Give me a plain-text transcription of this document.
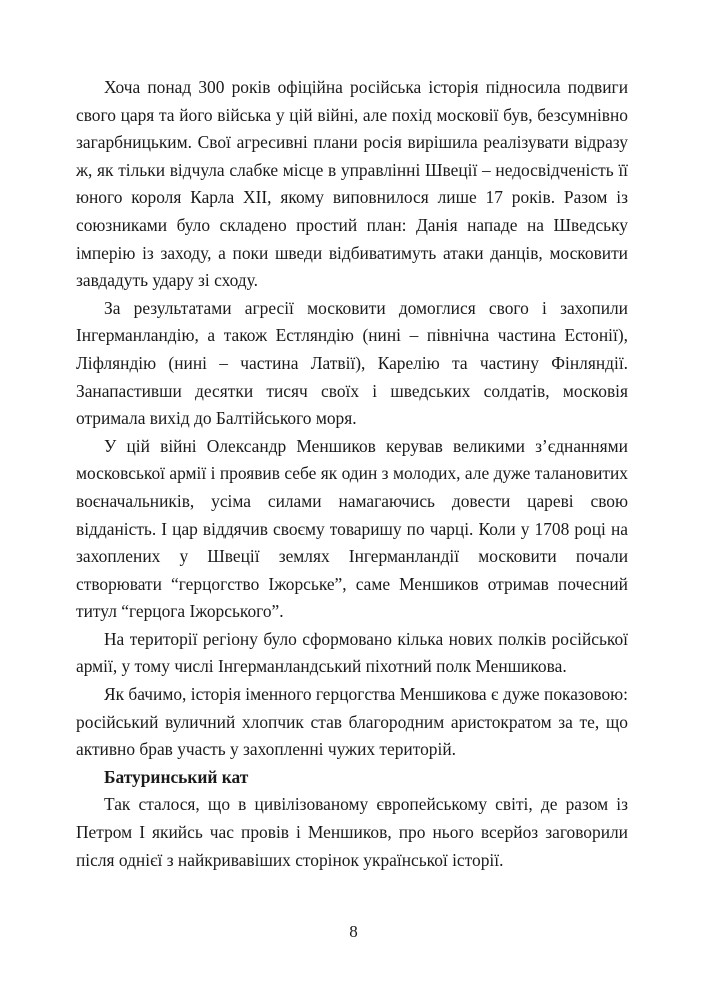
Хоча понад 300 років офіційна російська історія підносила подвиги свого царя та його війська у цій війні, але похід московії був, безсумнівно загарбницьким. Свої агресивні плани росія вирішила реалізувати відразу ж, як тільки відчула слабке місце в управлінні Швеції – недосвідченість її юного короля Карла ХІІ, якому виповнилося лише 17 років. Разом із союзниками було складено простий план: Данія нападе на Шведську імперію із заходу, а поки шведи відбиватимуть атаки данців, московити завдадуть удару зі сходу.

За результатами агресії московити домоглися свого і захопили Інгерманландію, а також Естляндію (нині – північна частина Естонії), Ліфляндію (нині – частина Латвії), Карелію та частину Фінляндії. Занапастивши десятки тисяч своїх і шведських солдатів, московія отримала вихід до Балтійського моря.

У цій війні Олександр Меншиков керував великими з’єднаннями московської армії і проявив себе як один з молодих, але дуже талановитих воєначальників, усіма силами намагаючись довести цареві свою відданість. І цар віддячив своєму товаришу по чарці. Коли у 1708 році на захоплених у Швеції землях Інгерманландії московити почали створювати “герцогство Іжорське”, саме Меншиков отримав почесний титул “герцога Іжорського”.

На території регіону було сформовано кілька нових полків російської армії, у тому числі Інгерманландський піхотний полк Меншикова.

Як бачимо, історія іменного герцогства Меншикова є дуже показовою: російський вуличний хлопчик став благородним аристократом за те, що активно брав участь у захопленні чужих територій.

Батуринський кат

Так сталося, що в цивілізованому європейському світі, де разом із Петром І якийсь час провів і Меншиков, про нього всерйоз заговорили після однієї з найкривавіших сторінок української історії.

8
